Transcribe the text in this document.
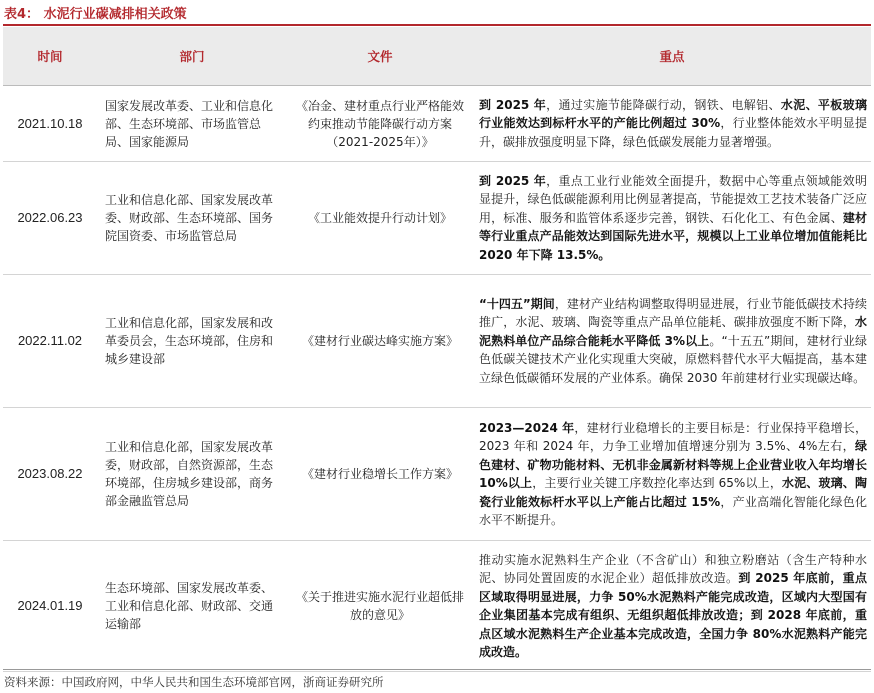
表4： 水泥行业碳减排相关政策
时间	部门	文件	重点
2021.10.18	国家发展改革委、工业和信息化部、生态环境部、市场监管总局、国家能源局	《冶金、建材重点行业严格能效约束推动节能降碳行动方案（2021-2025年）》	到 2025 年，通过实施节能降碳行动，钢铁、电解铝、水泥、平板玻璃行业能效达到标杆水平的产能比例超过 30%，行业整体能效水平明显提升，碳排放强度明显下降，绿色低碳发展能力显著增强。
2022.06.23	工业和信息化部、国家发展改革委、财政部、生态环境部、国务院国资委、市场监管总局	《工业能效提升行动计划》	到 2025 年，重点工业行业能效全面提升，数据中心等重点领域能效明显提升，绿色低碳能源利用比例显著提高，节能提效工艺技术装备广泛应用，标准、服务和监管体系逐步完善，钢铁、石化化工、有色金属、建材等行业重点产品能效达到国际先进水平，规模以上工业单位增加值能耗比 2020 年下降 13.5%。
2022.11.02	工业和信息化部，国家发展和改革委员会，生态环境部，住房和城乡建设部	《建材行业碳达峰实施方案》	“十四五”期间，建材产业结构调整取得明显进展，行业节能低碳技术持续推广，水泥、玻璃、陶瓷等重点产品单位能耗、碳排放强度不断下降，水泥熟料单位产品综合能耗水平降低 3%以上。“十五五”期间，建材行业绿色低碳关键技术产业化实现重大突破，原燃料替代水平大幅提高，基本建立绿色低碳循环发展的产业体系。确保 2030 年前建材行业实现碳达峰。
2023.08.22	工业和信息化部，国家发展改革委，财政部，自然资源部，生态环境部，住房城乡建设部，商务部金融监管总局	《建材行业稳增长工作方案》	2023—2024 年，建材行业稳增长的主要目标是：行业保持平稳增长，2023 年和 2024 年，力争工业增加值增速分别为 3.5%、4%左右，绿色建材、矿物功能材料、无机非金属新材料等规上企业营业收入年均增长 10%以上，主要行业关键工序数控化率达到 65%以上，水泥、玻璃、陶瓷行业能效标杆水平以上产能占比超过 15%，产业高端化智能化绿色化水平不断提升。
2024.01.19	生态环境部、国家发展改革委、工业和信息化部、财政部、交通运输部	《关于推进实施水泥行业超低排放的意见》	推动实施水泥熟料生产企业（不含矿山）和独立粉磨站（含生产特种水泥、协同处置固废的水泥企业）超低排放改造。到 2025 年底前，重点区域取得明显进展，力争 50%水泥熟料产能完成改造，区域内大型国有企业集团基本完成有组织、无组织超低排放改造；到 2028 年底前，重点区域水泥熟料生产企业基本完成改造，全国力争 80%水泥熟料产能完成改造。
资料来源：中国政府网，中华人民共和国生态环境部官网，浙商证券研究所
